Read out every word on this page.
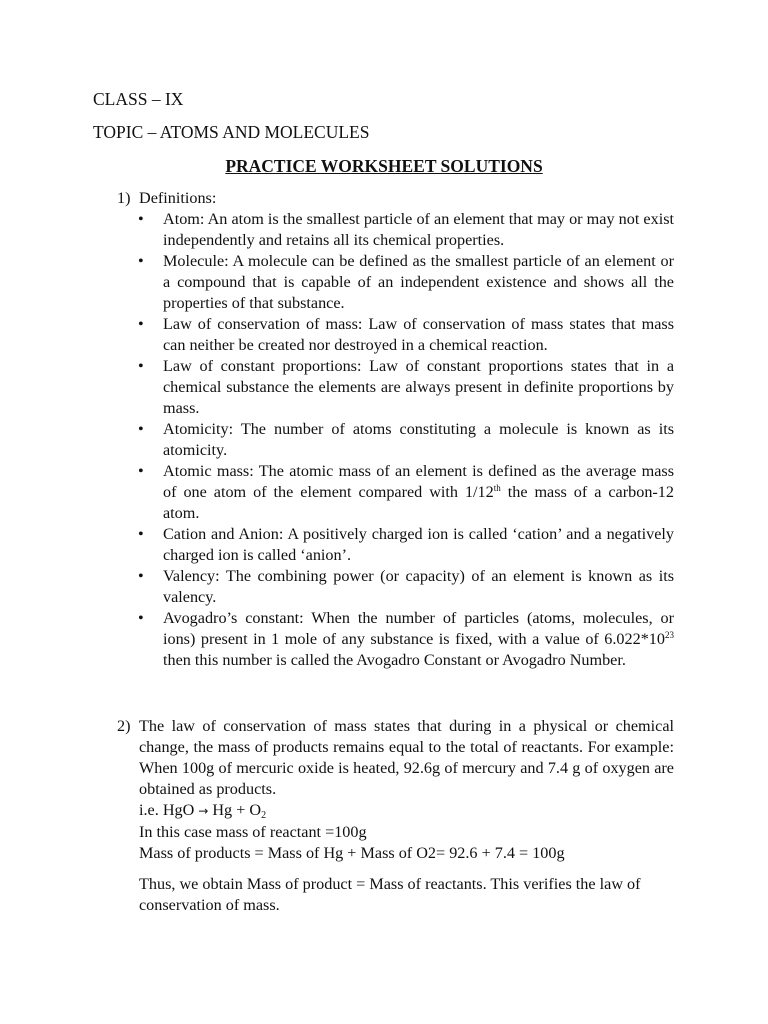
CLASS – IX
TOPIC – ATOMS AND MOLECULES
PRACTICE WORKSHEET SOLUTIONS
1) Definitions:
• Atom: An atom is the smallest particle of an element that may or may not exist independently and retains all its chemical properties.
• Molecule: A molecule can be defined as the smallest particle of an element or a compound that is capable of an independent existence and shows all the properties of that substance.
• Law of conservation of mass: Law of conservation of mass states that mass can neither be created nor destroyed in a chemical reaction.
• Law of constant proportions: Law of constant proportions states that in a chemical substance the elements are always present in definite proportions by mass.
• Atomicity: The number of atoms constituting a molecule is known as its atomicity.
• Atomic mass: The atomic mass of an element is defined as the average mass of one atom of the element compared with 1/12th the mass of a carbon-12 atom.
• Cation and Anion: A positively charged ion is called ‘cation’ and a negatively charged ion is called ‘anion’.
• Valency: The combining power (or capacity) of an element is known as its valency.
• Avogadro’s constant: When the number of particles (atoms, molecules, or ions) present in 1 mole of any substance is fixed, with a value of $6.022*10^{23}$ then this number is called the Avogadro Constant or Avogadro Number.
2) The law of conservation of mass states that during in a physical or chemical change, the mass of products remains equal to the total of reactants. For example: When 100g of mercuric oxide is heated, 92.6g of mercury and 7.4 g of oxygen are obtained as products.
i.e. HgO → $Hg + O_2$
In this case mass of reactant =100g
Mass of products = Mass of Hg + Mass of O2= 92.6 + 7.4 = 100g
Thus, we obtain Mass of product = Mass of reactants. This verifies the law of conservation of mass.
